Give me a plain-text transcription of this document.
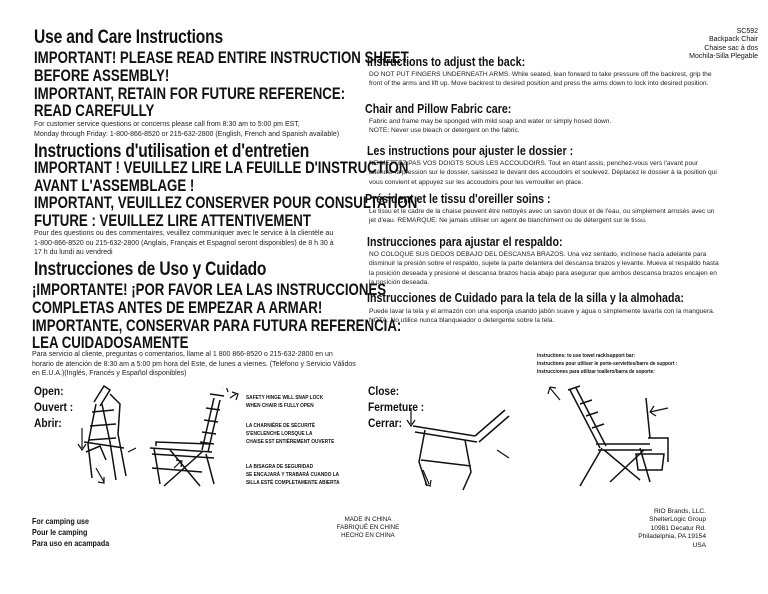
SC592
Backpack Chair
Chaise sac à dos
Mochila-Silla Plegable
Use and Care Instructions
IMPORTANT! PLEASE READ ENTIRE INSTRUCTION SHEET
BEFORE ASSEMBLY!
IMPORTANT, RETAIN FOR FUTURE REFERENCE:
READ CAREFULLY
For customer service questions or concerns please call from 8:30 am to 5:00 pm EST,
Monday through Friday: 1-800-866-8520 or 215-632-2800 (English, French and Spanish available)
Instructions d'utilisation et d'entretien
IMPORTANT ! VEUILLEZ LIRE LA FEUILLE D'INSTRUCTION
AVANT L'ASSEMBLAGE !
IMPORTANT, VEUILLEZ CONSERVER POUR CONSULTATION
FUTURE : VEUILLEZ LIRE ATTENTIVEMENT
Pour des questions ou des commentaires, veuillez communiquer avec le service à la clientèle au
1-800-866-8520 ou 215-632-2800 (Anglais, Français et Espagnol seront disponibles) de 8 h 30 à
17 h du lundi au vendredi
Instrucciones de Uso y Cuidado
¡IMPORTANTE! ¡POR FAVOR LEA LAS INSTRUCCIONES
COMPLETAS ANTES DE EMPEZAR A ARMAR!
IMPORTANTE, CONSERVAR PARA FUTURA REFERENCIA:
LEA CUIDADOSAMENTE
Para servicio al cliente, preguntas o comentarios, llame al 1 800 866-8520 o 215-632-2800 en un
horario de atención de 8:30 am a 5:00 pm hora del Este, de lunes a viernes. (Teléfono y Servicio Válidos
en E.U.A.)(Inglés, Francés y Español disponibles)
Instructions to adjust the back:
DO NOT PUT FINGERS UNDERNEATH ARMS. While seated, lean forward to take pressure off the backrest, grip the front of the arms and lift up. Move backrest to desired position and press the arms down to lock into desired position.
Chair and Pillow Fabric care:
Fabric and frame may be sponged with mild soap and water or simply hosed down.
NOTE: Never use bleach or detergent on the fabric.
Les instructions pour ajuster le dossier :
NE METTEZ PAS VOS DOIGTS SOUS LES ACCOUDOIRS. Tout en étant assis, penchez-vous vers l'avant pour atténuer la pression sur le dossier, saisissez le devant des accoudoirs et soulevez. Déplacez le dossier à la position qui vous convient et appuyez sur les accoudoirs pour les verrouiller en place.
Président et le tissu d'oreiller soins :
Le tissu et le cadre de la chaise peuvent être nettoyés avec un savon doux et de l'eau, ou simplement arrosés avec un jet d'eau. REMARQUE: Ne jamais utiliser un agent de blanchiment ou de détergent sur le tissu.
Instrucciones para ajustar el respaldo:
NO COLOQUE SUS DEDOS DEBAJO DEL DESCANSA BRAZOS. Una vez sentado, inclínese hacia adelante para disminuir la presión sobre el respaldo, sujete la parte delantera del descansa brazos y levante. Mueva el respaldo hasta la posición deseada y presione el descansa brazos hacia abajo para asegurar que ambos descansa brazos encajen en la posición deseada.
Instrucciones de Cuidado para la tela de la silla y la almohada:
Puede lavar la tela y el armazón con una esponja usando jabón suave y agua o simplemente lavarla con la manguera. NOTA: No utilice nunca blanqueador o detergente sobre la tela.
Open:
Ouvert :
Abrir:
SAFETY HINGE WILL SNAP LOCK
WHEN CHAIR IS FULLY OPEN
LA CHARNIÈRE DE SÉCURITÉ
S'ENCLENCHE LORSQUE LA
CHAISE EST ENTIÈREMENT OUVERTE
LA BISAGRA DE SEGURIDAD
SE ENCAJARÁ Y TRABARÁ CUANDO LA
SILLA ESTÉ COMPLETAMENTE ABIERTA
Close:
Fermeture :
Cerrar:
Instructions: to use towel rack/support bar:
Instructions pour utiliser le porte-serviettes/barre de support :
Instrucciones para utilizar toallero/barra de soporte:
For camping use
Pour le camping
Para uso en acampada
MADE IN CHINA
FABRIQUÉ EN CHINE
HECHO EN CHINA
RIO Brands, LLC.
ShelterLogic Group
10981 Decatur Rd.
Philadelphia, PA 19154
USA
